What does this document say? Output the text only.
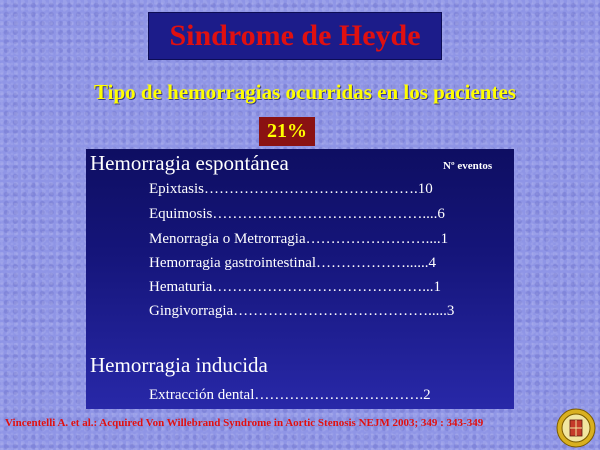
Sindrome de Heyde
Tipo de hemorragias ocurridas en los pacientes
21%
Hemorragia espontánea	Nº eventos
Epixtasis…………………………………….10
Equimosis……………………………………....6
Menorragia o Metrorragia……………………....1
Hemorragia gastrointestinal………………......4
Hematuria……………………………………...1
Gingivorragia………………………………….....3
Hemorragia inducida
Extracción dental…………………………….2
Vincentelli A. et al.: Acquired Von Willebrand Syndrome in Aortic Stenosis NEJM 2003; 349 : 343-349
